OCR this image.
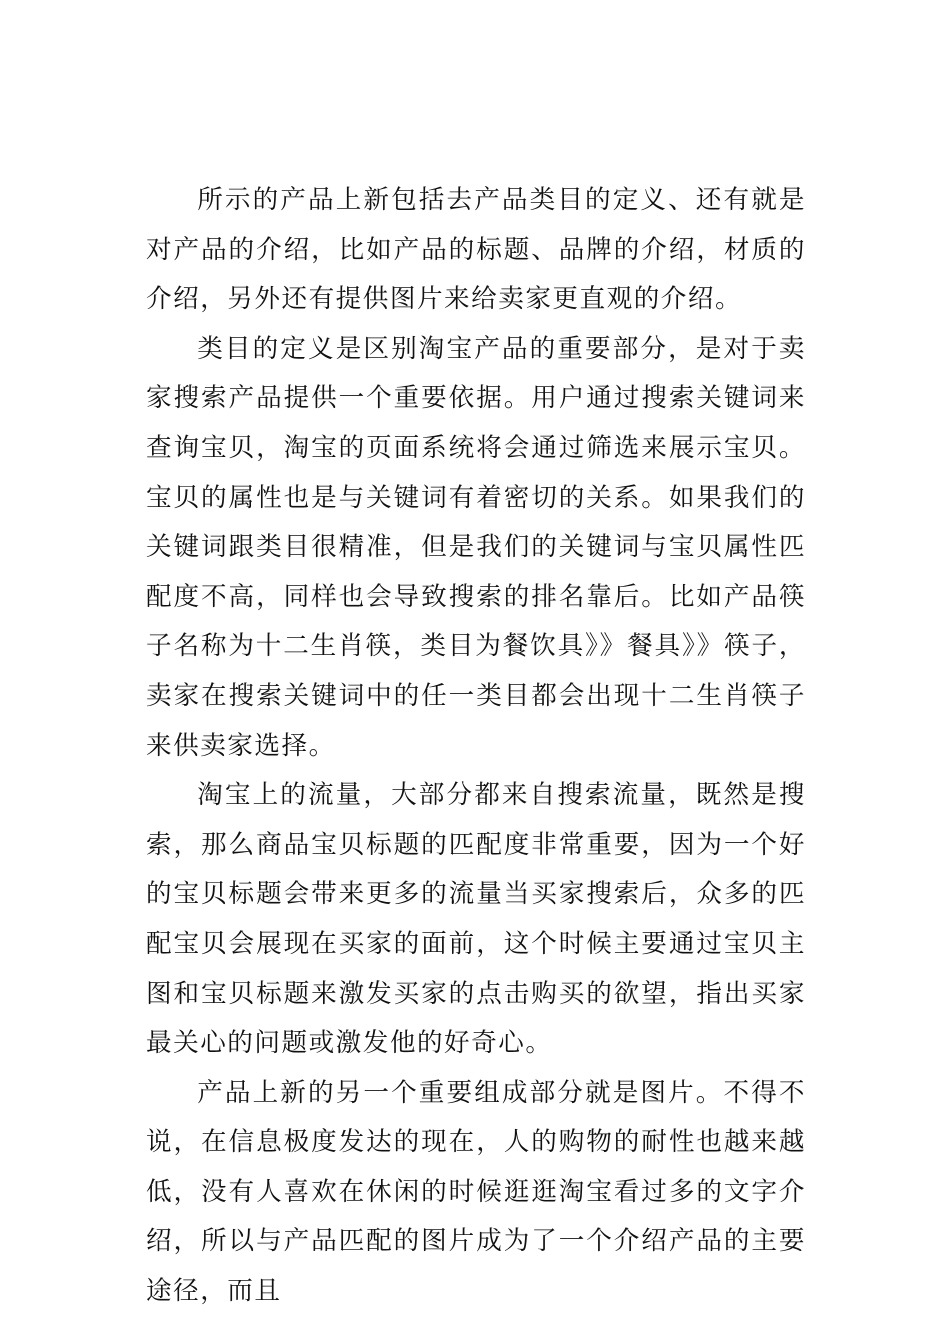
所示的产品上新包括去产品类目的定义、还有就是对产品的介绍，比如产品的标题、品牌的介绍，材质的介绍，另外还有提供图片来给卖家更直观的介绍。

类目的定义是区别淘宝产品的重要部分，是对于卖家搜索产品提供一个重要依据。用户通过搜索关键词来查询宝贝，淘宝的页面系统将会通过筛选来展示宝贝。宝贝的属性也是与关键词有着密切的关系。如果我们的关键词跟类目很精准，但是我们的关键词与宝贝属性匹配度不高，同样也会导致搜索的排名靠后。比如产品筷子名称为十二生肖筷，类目为餐饮具》》餐具》》筷子，卖家在搜索关键词中的任一类目都会出现十二生肖筷子来供卖家选择。

淘宝上的流量，大部分都来自搜索流量，既然是搜索，那么商品宝贝标题的匹配度非常重要，因为一个好的宝贝标题会带来更多的流量当买家搜索后，众多的匹配宝贝会展现在买家的面前，这个时候主要通过宝贝主图和宝贝标题来激发买家的点击购买的欲望，指出买家最关心的问题或激发他的好奇心。

产品上新的另一个重要组成部分就是图片。不得不说，在信息极度发达的现在，人的购物的耐性也越来越低，没有人喜欢在休闲的时候逛逛淘宝看过多的文字介绍，所以与产品匹配的图片成为了一个介绍产品的主要途径，而且
